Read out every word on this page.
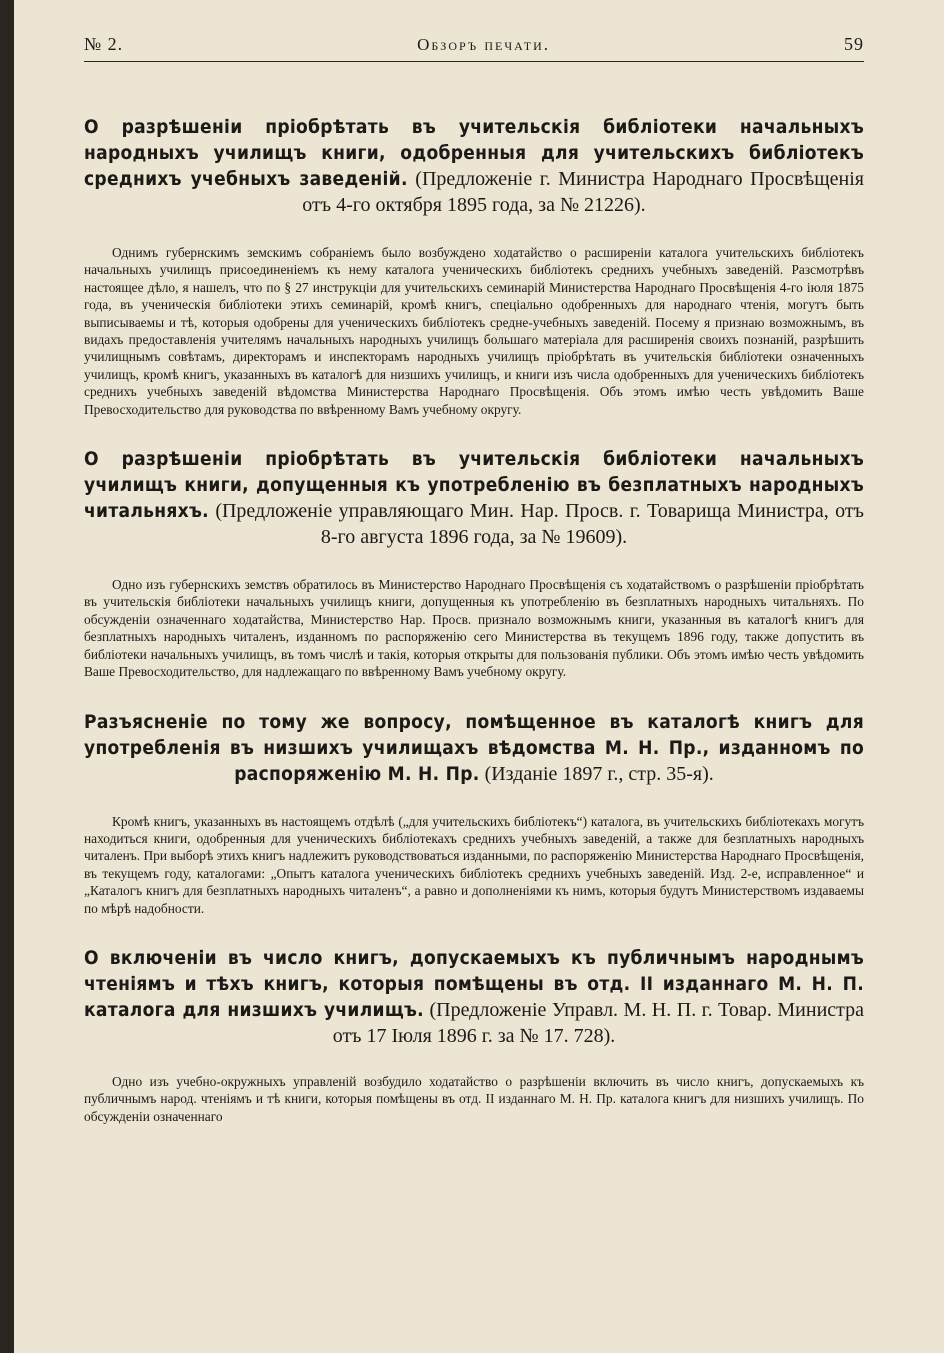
№ 2.	Обзоръ печати.	59

О разрѣшеніи пріобрѣтать въ учительскія библіотеки начальныхъ народныхъ училищъ книги, одобренныя для учительскихъ библіотекъ среднихъ учебныхъ заведеній. (Предложеніе г. Министра Народнаго Просвѣщенія отъ 4-го октября 1895 года, за № 21226).

Однимъ губернскимъ земскимъ собраніемъ было возбуждено ходатайство о расширеніи каталога учительскихъ библіотекъ начальныхъ училищъ присоединеніемъ къ нему каталога ученическихъ библіотекъ среднихъ учебныхъ заведеній. Разсмотрѣвъ настоящее дѣло, я нашелъ, что по § 27 инструкціи для учительскихъ семинарій Министерства Народнаго Просвѣщенія 4-го іюля 1875 года, въ ученическія библіотеки этихъ семинарій, кромѣ книгъ, спеціально одобренныхъ для народнаго чтенія, могутъ быть выписываемы и тѣ, которыя одобрены для ученическихъ библіотекъ средне-учебныхъ заведеній. Посему я признаю возможнымъ, въ видахъ предоставленія учителямъ начальныхъ народныхъ училищъ большаго матеріала для расширенія своихъ познаній, разрѣшить училищнымъ совѣтамъ, директорамъ и инспекторамъ народныхъ училищъ пріобрѣтать въ учительскія библіотеки означенныхъ училищъ, кромѣ книгъ, указанныхъ въ каталогѣ для низшихъ училищъ, и книги изъ числа одобренныхъ для ученическихъ библіотекъ среднихъ учебныхъ заведеній вѣдомства Министерства Народнаго Просвѣщенія. Объ этомъ имѣю честь увѣдомить Ваше Превосходительство для руководства по ввѣренному Вамъ учебному округу.

О разрѣшеніи пріобрѣтать въ учительскія библіотеки начальныхъ училищъ книги, допущенныя къ употребленію въ безплатныхъ народныхъ читальняхъ. (Предложеніе управляющаго Мин. Нар. Просв. г. Товарища Министра, отъ 8-го августа 1896 года, за № 19609).

Одно изъ губернскихъ земствъ обратилось въ Министерство Народнаго Просвѣщенія съ ходатайствомъ о разрѣшеніи пріобрѣтать въ учительскія библіотеки начальныхъ училищъ книги, допущенныя къ употребленію въ безплатныхъ народныхъ читальняхъ. По обсужденіи означеннаго ходатайства, Министерство Нар. Просв. признало возможнымъ книги, указанныя въ каталогѣ книгъ для безплатныхъ народныхъ читаленъ, изданномъ по распоряженію сего Министерства въ текущемъ 1896 году, также допустить въ библіотеки начальныхъ училищъ, въ томъ числѣ и такія, которыя открыты для пользованія публики. Объ этомъ имѣю честь увѣдомить Ваше Превосходительство, для надлежащаго по ввѣренному Вамъ учебному округу.

Разъясненіе по тому же вопросу, помѣщенное въ каталогѣ книгъ для употребленія въ низшихъ училищахъ вѣдомства М. Н. Пр., изданномъ по распоряженію М. Н. Пр. (Изданіе 1897 г., стр. 35-я).

Кромѣ книгъ, указанныхъ въ настоящемъ отдѣлѣ („для учительскихъ библіотекъ“) каталога, въ учительскихъ библіотекахъ могутъ находиться книги, одобренныя для ученическихъ библіотекахъ среднихъ учебныхъ заведеній, а также для безплатныхъ народныхъ читаленъ. При выборѣ этихъ книгъ надлежитъ руководствоваться изданными, по распоряженію Министерства Народнаго Просвѣщенія, въ текущемъ году, каталогами: „Опытъ каталога ученическихъ библіотекъ среднихъ учебныхъ заведеній. Изд. 2-е, исправленное“ и „Каталогъ книгъ для безплатныхъ народныхъ читаленъ“, а равно и дополненіями къ нимъ, которыя будутъ Министерствомъ издаваемы по мѣрѣ надобности.

О включеніи въ число книгъ, допускаемыхъ къ публичнымъ народнымъ чтеніямъ и тѣхъ книгъ, которыя помѣщены въ отд. II изданнаго М. Н. П. каталога для низшихъ училищъ. (Предложеніе Управл. М. Н. П. г. Товар. Министра отъ 17 Іюля 1896 г. за № 17. 728).

Одно изъ учебно-окружныхъ управленій возбудило ходатайство о разрѣшеніи включить въ число книгъ, допускаемыхъ къ публичнымъ народ. чтеніямъ и тѣ книги, которыя помѣщены въ отд. II изданнаго М. Н. Пр. каталога книгъ для низшихъ училищъ. По обсужденіи означеннаго
